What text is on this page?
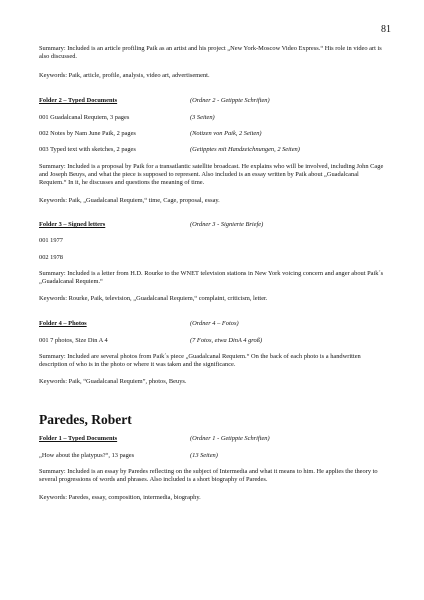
81
Summary: Included is an article profiling Paik as an artist and his project „New York-Moscow Video Express.“ His role in video art is also discussed.
Keywords: Paik, article, profile, analysis, video art, advertisement.
Folder 2 – Typed Documents	(Ordner 2 - Getippte Schriften)
001 Guadalcanal Requiem, 3 pages	(3 Seiten)
002 Notes by Nam June Paik, 2 pages	(Notizen von Paik, 2 Seiten)
003 Typed text with sketches, 2 pages	(Getipptes mit Handzeichnungen, 2 Seiten)
Summary: Included is a proposal by Paik for a transatlantic satellite broadcast. He explains who will be involved, including John Cage and Joseph Beuys, and what the piece is supposed to represent. Also included is an essay written by Paik about „Guadalcanal Requiem.“ In it, he discusses and questions the meaning of time.
Keywords: Paik, „Guadalcanal Requiem,“ time, Cage, proposal, essay.
Folder 3 – Signed letters	(Ordner 3 - Signierte Briefe)
001 1977
002 1978
Summary: Included is a letter from H.D. Rourke to the WNET television stations in New York voicing concern and anger about Paik´s „Guadalcanal Requiem.“
Keywords: Rourke, Paik, television, „Guadalcanal Requiem,“ complaint, criticism, letter.
Folder 4 – Photos	(Ordner 4 – Fotos)
001 7 photos, Size Din A 4	(7 Fotos, etwa DinA 4 groß)
Summary: Included are several photos from Paik´s piece „Guadalcanal Requiem.“ On the back of each photo is a handwritten description of who is in the photo or where it was taken and the significance.
Keywords: Paik, “Guadalcanal Requiem”, photos, Beuys.
Paredes, Robert
Folder 1 – Typed Documents	(Ordner 1 - Getippte Schriften)
„How about the platypus?“, 13 pages	(13 Seiten)
Summary: Included is an essay by Paredes reflecting on the subject of Intermedia and what it means to him. He applies the theory to several progressions of words and phrases. Also included is a short biography of Paredes.
Keywords: Paredes, essay, composition, intermedia, biography.
